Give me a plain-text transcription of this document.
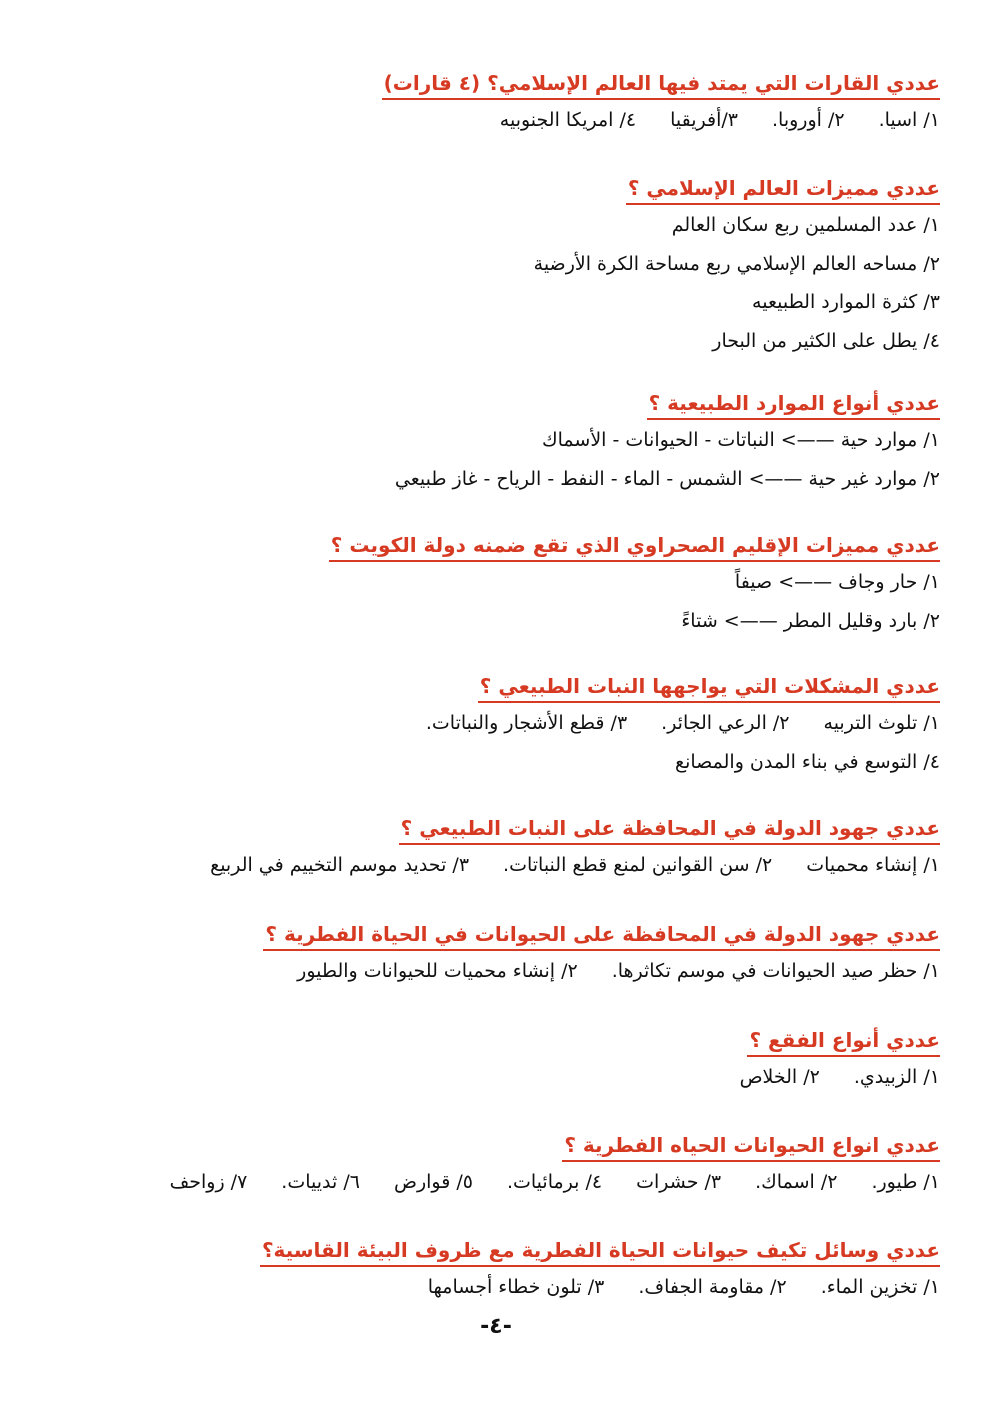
عددي القارات التي يمتد فيها العالم الإسلامي؟ (٤ قارات)
١/ اسيا.
٢/ أوروبا.
٣/أفريقيا
٤/ امريكا الجنوبيه
عددي مميزات العالم الإسلامي ؟
١/ عدد المسلمين ربع سكان العالم
٢/ مساحه العالم الإسلامي ربع مساحة الكرة الأرضية
٣/ كثرة الموارد الطبيعيه
٤/ يطل على الكثير من البحار
عددي أنواع الموارد الطبيعية ؟
١/ موارد حية ——> النباتات - الحيوانات - الأسماك
٢/ موارد غير حية ——> الشمس - الماء - النفط - الرياح - غاز طبيعي
عددي مميزات الإقليم الصحراوي الذي تقع ضمنه دولة الكويت ؟
١/ حار وجاف ——> صيفاً
٢/ بارد وقليل المطر ——> شتاءً
عددي المشكلات التي يواجهها النبات الطبيعي ؟
١/ تلوث التربيه
٢/ الرعي الجائر.
٣/ قطع الأشجار والنباتات.
٤/ التوسع في بناء المدن والمصانع
عددي جهود الدولة في المحافظة على النبات الطبيعي ؟
١/ إنشاء محميات
٢/ سن القوانين لمنع قطع النباتات.
٣/ تحديد موسم التخييم في الربيع
عددي جهود الدولة في المحافظة على الحيوانات في الحياة الفطرية ؟
١/ حظر صيد الحيوانات في موسم تكاثرها.
٢/ إنشاء محميات للحيوانات والطيور
عددي أنواع الفقع ؟
١/ الزبيدي.
٢/ الخلاص
عددي انواع الحيوانات الحياه الفطرية ؟
١/ طيور.
٢/ اسماك.
٣/ حشرات
٤/ برمائيات.
٥/ قوارض
٦/ ثدييات.
٧/ زواحف
عددي وسائل تكيف حيوانات الحياة الفطرية مع ظروف البيئة القاسية؟
١/ تخزين الماء.
٢/ مقاومة الجفاف.
٣/ تلون خطاء أجسامها
-٤-
